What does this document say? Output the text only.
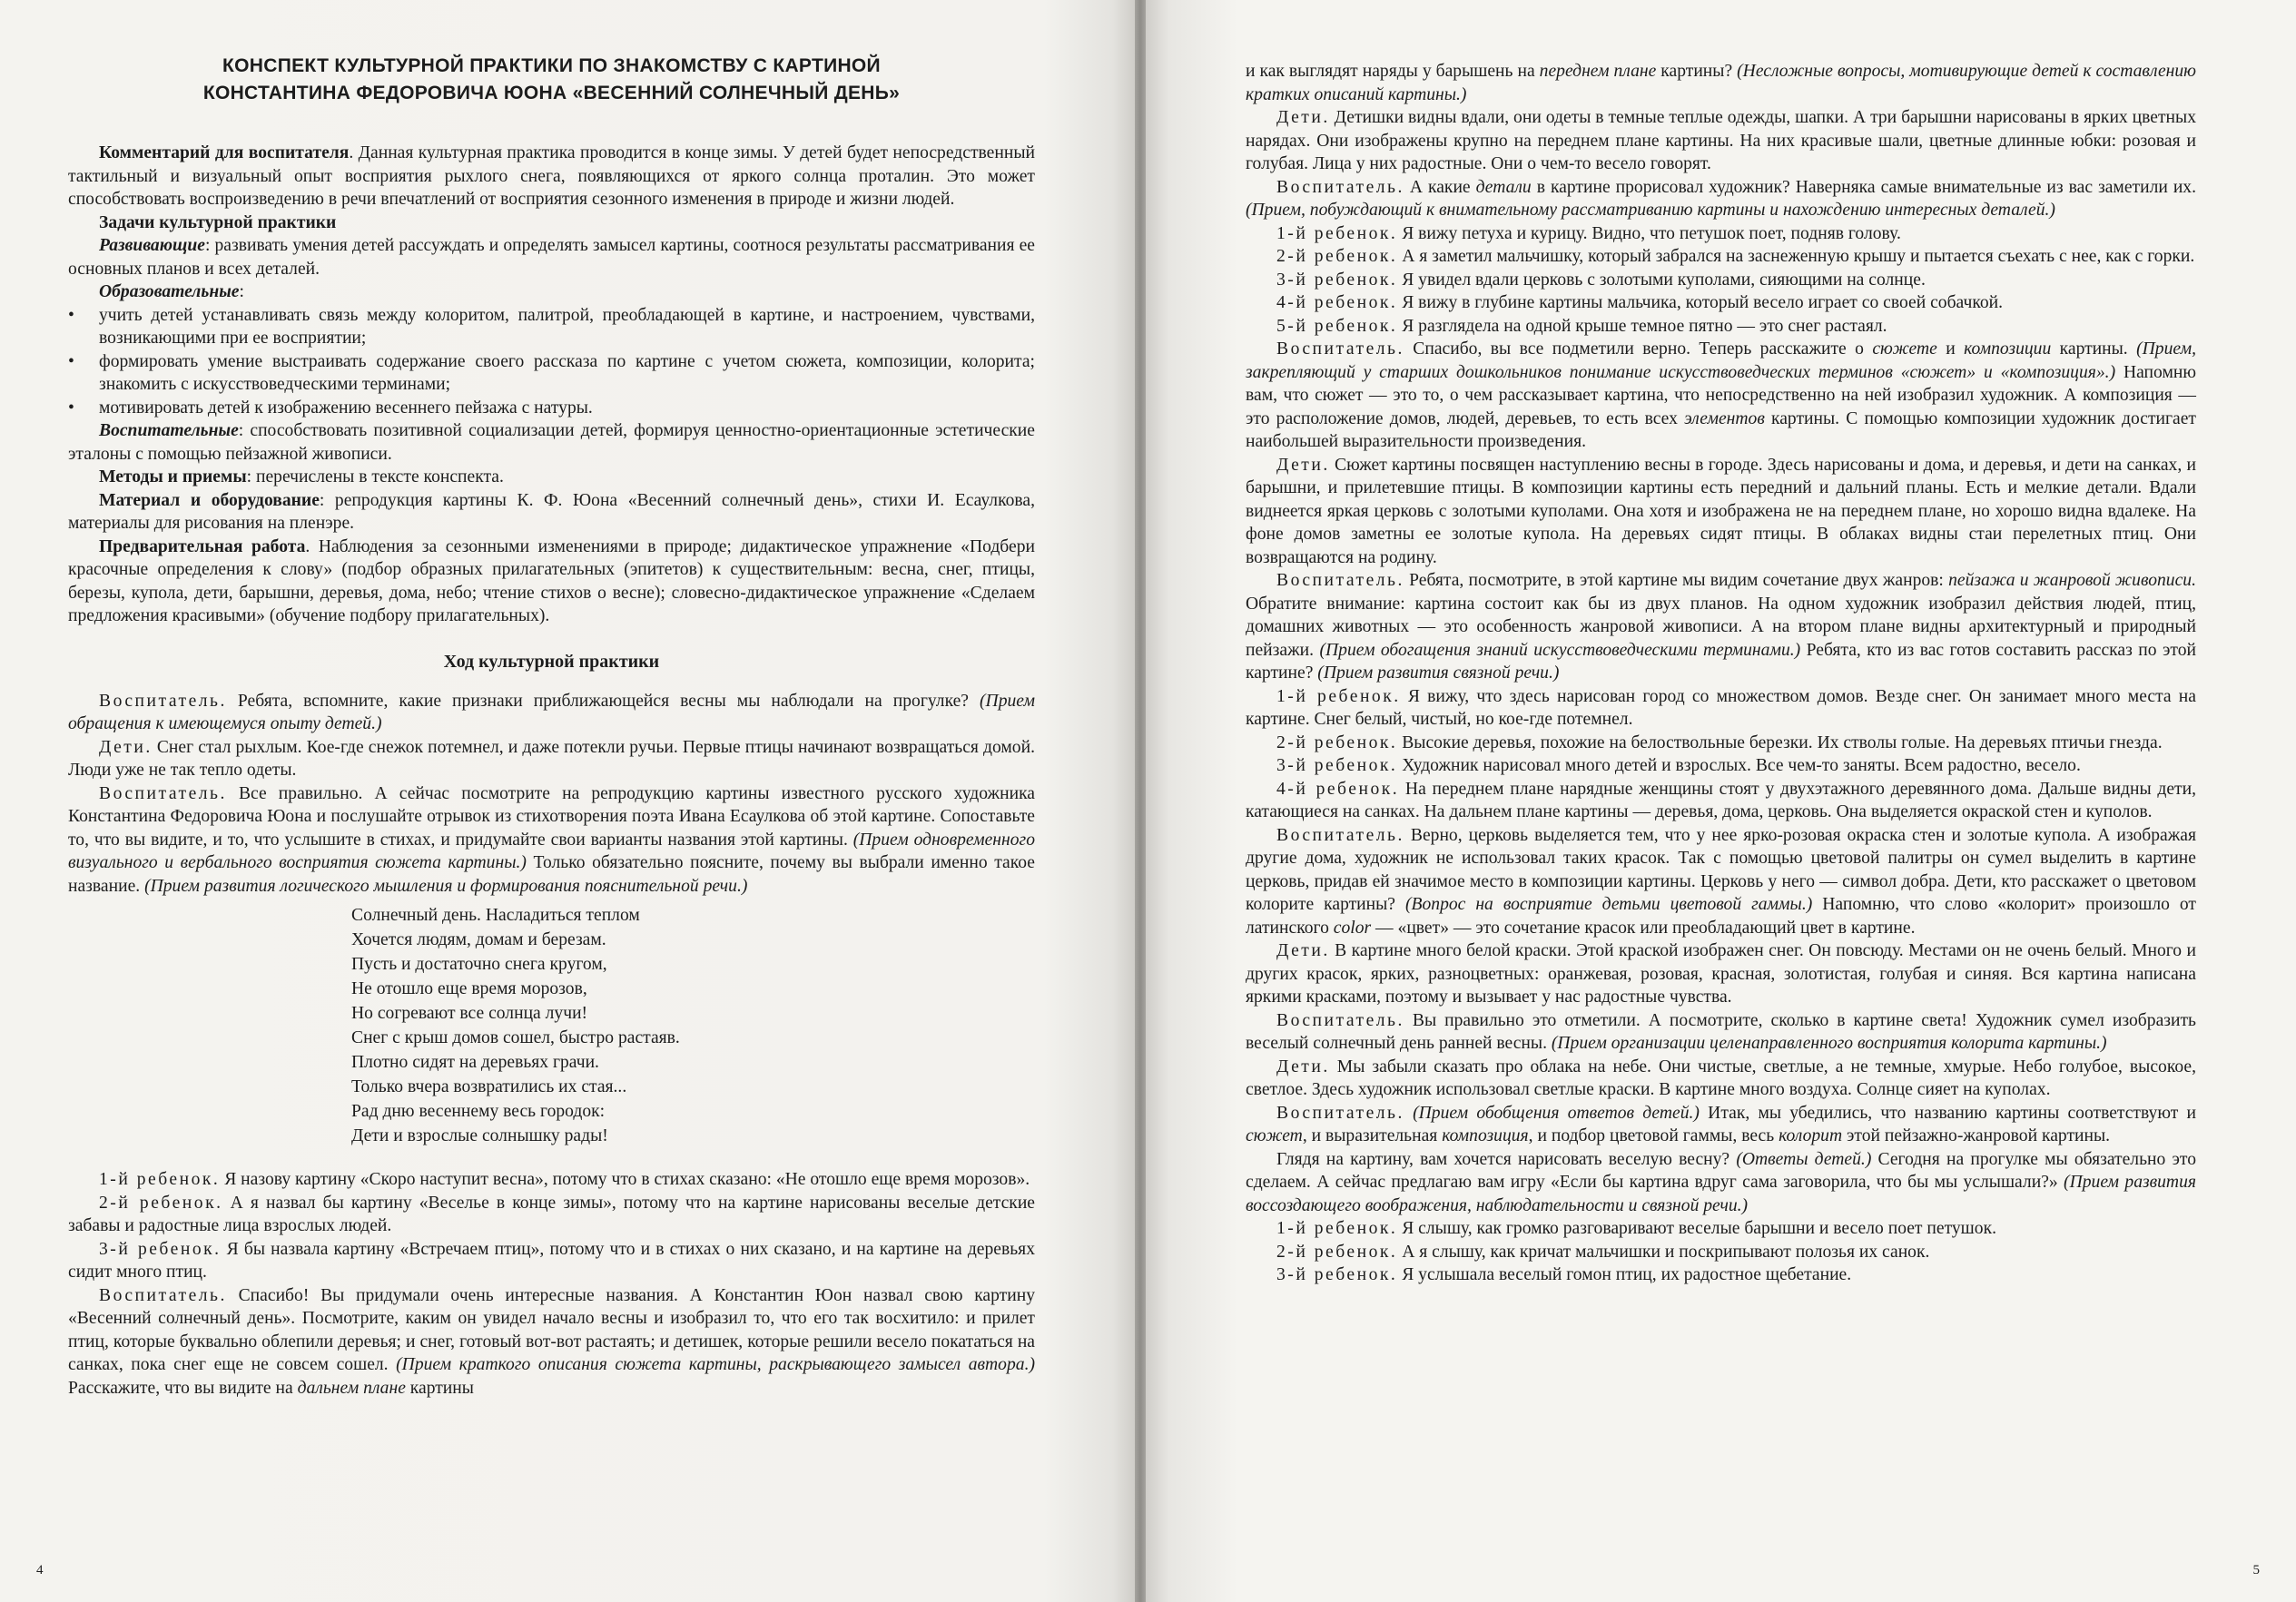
КОНСПЕКТ КУЛЬТУРНОЙ ПРАКТИКИ ПО ЗНАКОМСТВУ С КАРТИНОЙ
КОНСТАНТИНА ФЕДОРОВИЧА ЮОНА «ВЕСЕННИЙ СОЛНЕЧНЫЙ ДЕНЬ»

Комментарий для воспитателя. Данная культурная практика проводится в конце зимы. У детей будет непосредственный тактильный и визуальный опыт восприятия рыхлого снега, появляющихся от яркого солнца проталин. Это может способствовать воспроизведению в речи впечатлений от восприятия сезонного изменения в природе и жизни людей.

Задачи культурной практики

Развивающие: развивать умения детей рассуждать и определять замысел картины, соотнося результаты рассматривания ее основных планов и всех деталей.

Образовательные:

•	учить детей устанавливать связь между колоритом, палитрой, преобладающей в картине, и настроением, чувствами, возникающими при ее восприятии;
•	формировать умение выстраивать содержание своего рассказа по картине с учетом сюжета, композиции, колорита; знакомить с искусствоведческими терминами;
•	мотивировать детей к изображению весеннего пейзажа с натуры.

Воспитательные: способствовать позитивной социализации детей, формируя ценностно-ориентационные эстетические эталоны с помощью пейзажной живописи.

Методы и приемы: перечислены в тексте конспекта.

Материал и оборудование: репродукция картины К. Ф. Юона «Весенний солнечный день», стихи И. Есаулкова, материалы для рисования на пленэре.

Предварительная работа. Наблюдения за сезонными изменениями в природе; дидактическое упражнение «Подбери красочные определения к слову» (подбор образных прилагательных (эпитетов) к существительным: весна, снег, птицы, березы, купола, дети, барышни, деревья, дома, небо; чтение стихов о весне); словесно-дидактическое упражнение «Сделаем предложения красивыми» (обучение подбору прилагательных).

Ход культурной практики

Воспитатель. Ребята, вспомните, какие признаки приближающейся весны мы наблюдали на прогулке? (Прием обращения к имеющемуся опыту детей.)

Дети. Снег стал рыхлым. Кое-где снежок потемнел, и даже потекли ручьи. Первые птицы начинают возвращаться домой. Люди уже не так тепло одеты.

Воспитатель. Все правильно. А сейчас посмотрите на репродукцию картины известного русского художника Константина Федоровича Юона и послушайте отрывок из стихотворения поэта Ивана Есаулкова об этой картине. Сопоставьте то, что вы видите, и то, что услышите в стихах, и придумайте свои варианты названия этой картины. (Прием одновременного визуального и вербального восприятия сюжета картины.) Только обязательно поясните, почему вы выбрали именно такое название. (Прием развития логического мышления и формирования пояснительной речи.)

Солнечный день. Насладиться теплом
Хочется людям, домам и березам.
Пусть и достаточно снега кругом,
Не отошло еще время морозов,
Но согревают все солнца лучи!
Снег с крыш домов сошел, быстро растаяв.
Плотно сидят на деревьях грачи.
Только вчера возвратились их стая...
Рад дню весеннему весь городок:
Дети и взрослые солнышку рады!

1-й ребенок. Я назову картину «Скоро наступит весна», потому что в стихах сказано: «Не отошло еще время морозов».

2-й ребенок. А я назвал бы картину «Веселье в конце зимы», потому что на картине нарисованы веселые детские забавы и радостные лица взрослых людей.

3-й ребенок. Я бы назвала картину «Встречаем птиц», потому что и в стихах о них сказано, и на картине на деревьях сидит много птиц.

Воспитатель. Спасибо! Вы придумали очень интересные названия. А Константин Юон назвал свою картину «Весенний солнечный день». Посмотрите, каким он увидел начало весны и изобразил то, что его так восхитило: и прилет птиц, которые буквально облепили деревья; и снег, готовый вот-вот растаять; и детишек, которые решили весело покататься на санках, пока снег еще не совсем сошел. (Прием краткого описания сюжета картины, раскрывающего замысел автора.) Расскажите, что вы видите на дальнем плане картины

4

и как выглядят наряды у барышень на переднем плане картины? (Несложные вопросы, мотивирующие детей к составлению кратких описаний картины.)

Дети. Детишки видны вдали, они одеты в темные теплые одежды, шапки. А три барышни нарисованы в ярких цветных нарядах. Они изображены крупно на переднем плане картины. На них красивые шали, цветные длинные юбки: розовая и голубая. Лица у них радостные. Они о чем-то весело говорят.

Воспитатель. А какие детали в картине прорисовал художник? Наверняка самые внимательные из вас заметили их. (Прием, побуждающий к внимательному рассматриванию картины и нахождению интересных деталей.)

1-й ребенок. Я вижу петуха и курицу. Видно, что петушок поет, подняв голову.

2-й ребенок. А я заметил мальчишку, который забрался на заснеженную крышу и пытается съехать с нее, как с горки.

3-й ребенок. Я увидел вдали церковь с золотыми куполами, сияющими на солнце.

4-й ребенок. Я вижу в глубине картины мальчика, который весело играет со своей собачкой.

5-й ребенок. Я разглядела на одной крыше темное пятно — это снег растаял.

Воспитатель. Спасибо, вы все подметили верно. Теперь расскажите о сюжете и композиции картины. (Прием, закрепляющий у старших дошкольников понимание искусствоведческих терминов «сюжет» и «композиция».) Напомню вам, что сюжет — это то, о чем рассказывает картина, что непосредственно на ней изобразил художник. А композиция — это расположение домов, людей, деревьев, то есть всех элементов картины. С помощью композиции художник достигает наибольшей выразительности произведения.

Дети. Сюжет картины посвящен наступлению весны в городе. Здесь нарисованы и дома, и деревья, и дети на санках, и барышни, и прилетевшие птицы. В композиции картины есть передний и дальний планы. Есть и мелкие детали. Вдали виднеется яркая церковь с золотыми куполами. Она хотя и изображена не на переднем плане, но хорошо видна вдалеке. На фоне домов заметны ее золотые купола. На деревьях сидят птицы. В облаках видны стаи перелетных птиц. Они возвращаются на родину.

Воспитатель. Ребята, посмотрите, в этой картине мы видим сочетание двух жанров: пейзажа и жанровой живописи. Обратите внимание: картина состоит как бы из двух планов. На одном художник изобразил действия людей, птиц, домашних животных — это особенность жанровой живописи. А на втором плане видны архитектурный и природный пейзажи. (Прием обогащения знаний искусствоведческими терминами.) Ребята, кто из вас готов составить рассказ по этой картине? (Прием развития связной речи.)

1-й ребенок. Я вижу, что здесь нарисован город со множеством домов. Везде снег. Он занимает много места на картине. Снег белый, чистый, но кое-где потемнел.

2-й ребенок. Высокие деревья, похожие на белоствольные березки. Их стволы голые. На деревьях птичьи гнезда.

3-й ребенок. Художник нарисовал много детей и взрослых. Все чем-то заняты. Всем радостно, весело.

4-й ребенок. На переднем плане нарядные женщины стоят у двухэтажного деревянного дома. Дальше видны дети, катающиеся на санках. На дальнем плане картины — деревья, дома, церковь. Она выделяется окраской стен и куполов.

Воспитатель. Верно, церковь выделяется тем, что у нее ярко-розовая окраска стен и золотые купола. А изображая другие дома, художник не использовал таких красок. Так с помощью цветовой палитры он сумел выделить в картине церковь, придав ей значимое место в композиции картины. Церковь у него — символ добра. Дети, кто расскажет о цветовом колорите картины? (Вопрос на восприятие детьми цветовой гаммы.) Напомню, что слово «колорит» произошло от латинского color — «цвет» — это сочетание красок или преобладающий цвет в картине.

Дети. В картине много белой краски. Этой краской изображен снег. Он повсюду. Местами он не очень белый. Много и других красок, ярких, разноцветных: оранжевая, розовая, красная, золотистая, голубая и синяя. Вся картина написана яркими красками, поэтому и вызывает у нас радостные чувства.

Воспитатель. Вы правильно это отметили. А посмотрите, сколько в картине света! Художник сумел изобразить веселый солнечный день ранней весны. (Прием организации целенаправленного восприятия колорита картины.)

Дети. Мы забыли сказать про облака на небе. Они чистые, светлые, а не темные, хмурые. Небо голубое, высокое, светлое. Здесь художник использовал светлые краски. В картине много воздуха. Солнце сияет на куполах.

Воспитатель. (Прием обобщения ответов детей.) Итак, мы убедились, что названию картины соответствуют и сюжет, и выразительная композиция, и подбор цветовой гаммы, весь колорит этой пейзажно-жанровой картины.

Глядя на картину, вам хочется нарисовать веселую весну? (Ответы детей.) Сегодня на прогулке мы обязательно это сделаем. А сейчас предлагаю вам игру «Если бы картина вдруг сама заговорила, что бы мы услышали?» (Прием развития воссоздающего воображения, наблюдательности и связной речи.)

1-й ребенок. Я слышу, как громко разговаривают веселые барышни и весело поет петушок.

2-й ребенок. А я слышу, как кричат мальчишки и поскрипывают полозья их санок.

3-й ребенок. Я услышала веселый гомон птиц, их радостное щебетание.

5
